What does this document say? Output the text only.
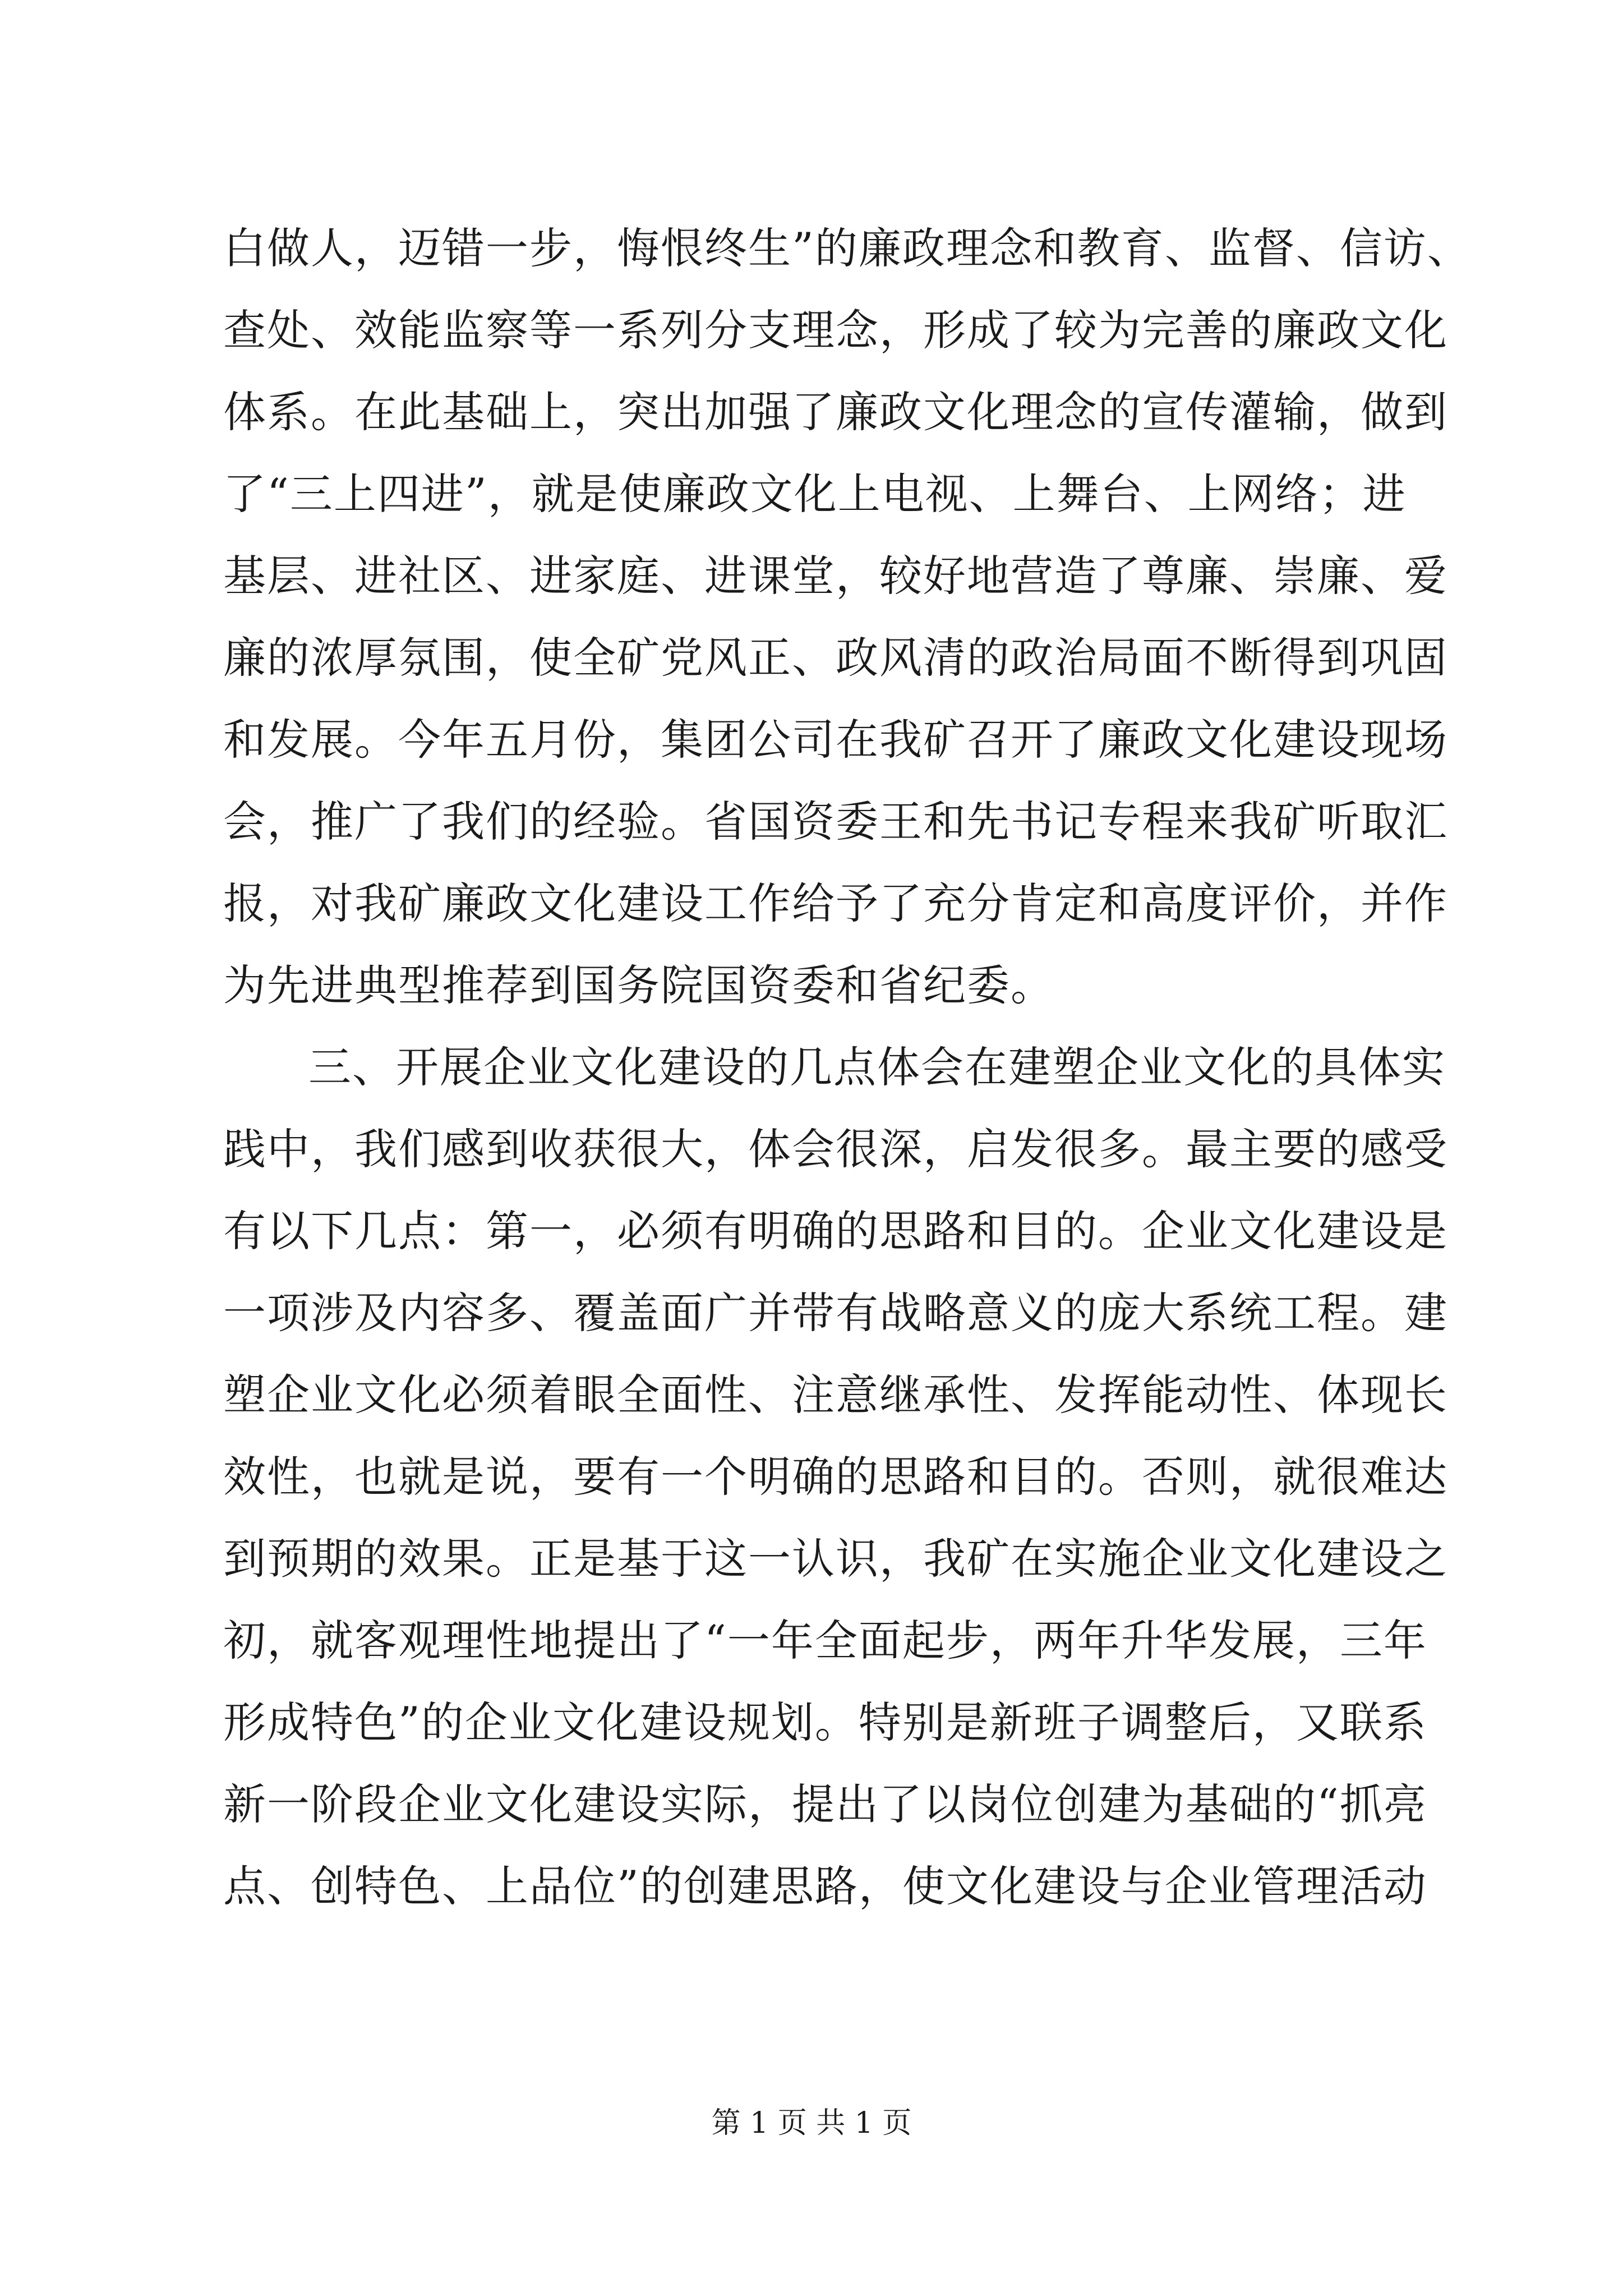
白做人，迈错一步，悔恨终生”的廉政理念和教育、监督、信访、
查处、效能监察等一系列分支理念，形成了较为完善的廉政文化
体系。在此基础上，突出加强了廉政文化理念的宣传灌输，做到
了“三上四进”，就是使廉政文化上电视、上舞台、上网络；进
基层、进社区、进家庭、进课堂，较好地营造了尊廉、崇廉、爱
廉的浓厚氛围，使全矿党风正、政风清的政治局面不断得到巩固
和发展。今年五月份，集团公司在我矿召开了廉政文化建设现场
会，推广了我们的经验。省国资委王和先书记专程来我矿听取汇
报，对我矿廉政文化建设工作给予了充分肯定和高度评价，并作
为先进典型推荐到国务院国资委和省纪委。
三、开展企业文化建设的几点体会在建塑企业文化的具体实
践中，我们感到收获很大，体会很深，启发很多。最主要的感受
有以下几点：第一，必须有明确的思路和目的。企业文化建设是
一项涉及内容多、覆盖面广并带有战略意义的庞大系统工程。建
塑企业文化必须着眼全面性、注意继承性、发挥能动性、体现长
效性，也就是说，要有一个明确的思路和目的。否则，就很难达
到预期的效果。正是基于这一认识，我矿在实施企业文化建设之
初，就客观理性地提出了“一年全面起步，两年升华发展，三年
形成特色”的企业文化建设规划。特别是新班子调整后，又联系
新一阶段企业文化建设实际，提出了以岗位创建为基础的“抓亮
点、创特色、上品位”的创建思路，使文化建设与企业管理活动
第 1 页 共 1 页
